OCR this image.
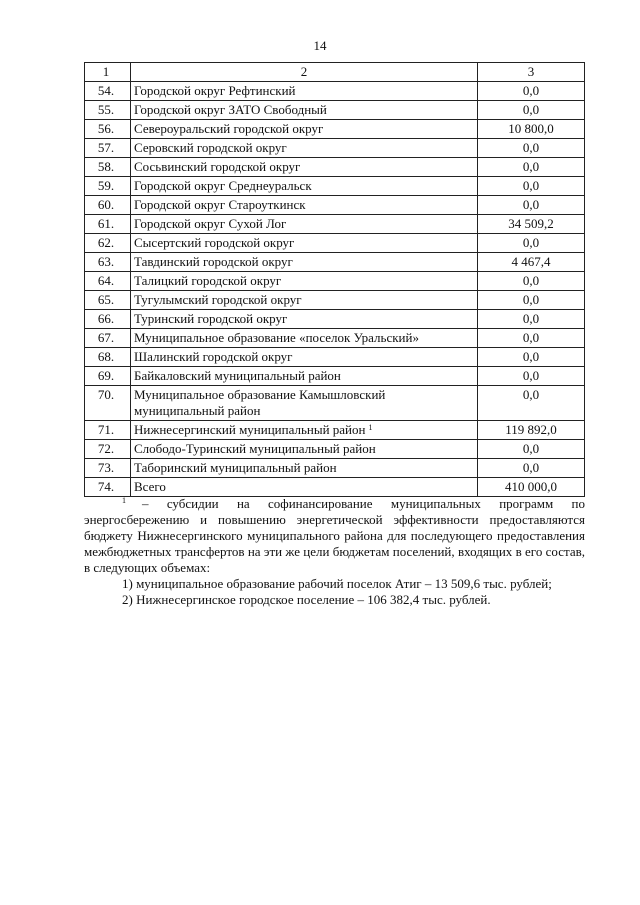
14
1	2	3
54.	Городской округ Рефтинский	0,0
55.	Городской округ ЗАТО Свободный	0,0
56.	Североуральский городской округ	10 800,0
57.	Серовский городской округ	0,0
58.	Сосьвинский городской округ	0,0
59.	Городской округ Среднеуральск	0,0
60.	Городской округ Староуткинск	0,0
61.	Городской округ Сухой Лог	34 509,2
62.	Сысертский городской округ	0,0
63.	Тавдинский городской округ	4 467,4
64.	Талицкий городской округ	0,0
65.	Тугулымский городской округ	0,0
66.	Туринский городской округ	0,0
67.	Муниципальное образование «поселок Уральский»	0,0
68.	Шалинский городской округ	0,0
69.	Байкаловский муниципальный район	0,0
70.	Муниципальное образование Камышловский муниципальный район	0,0
71.	Нижнесергинский муниципальный район $^1$	119 892,0
72.	Слободо-Туринский муниципальный район	0,0
73.	Таборинский муниципальный район	0,0
74.	Всего	410 000,0

$^1$ – субсидии на софинансирование муниципальных программ по энергосбережению и повышению энергетической эффективности предоставляются бюджету Нижнесергинского муниципального района для последующего предоставления межбюджетных трансфертов на эти же цели бюджетам поселений, входящих в его состав, в следующих объемах:

1) муниципальное образование рабочий поселок Атиг – 13 509,6 тыс. рублей;

2) Нижнесергинское городское поселение – 106 382,4 тыс. рублей.
